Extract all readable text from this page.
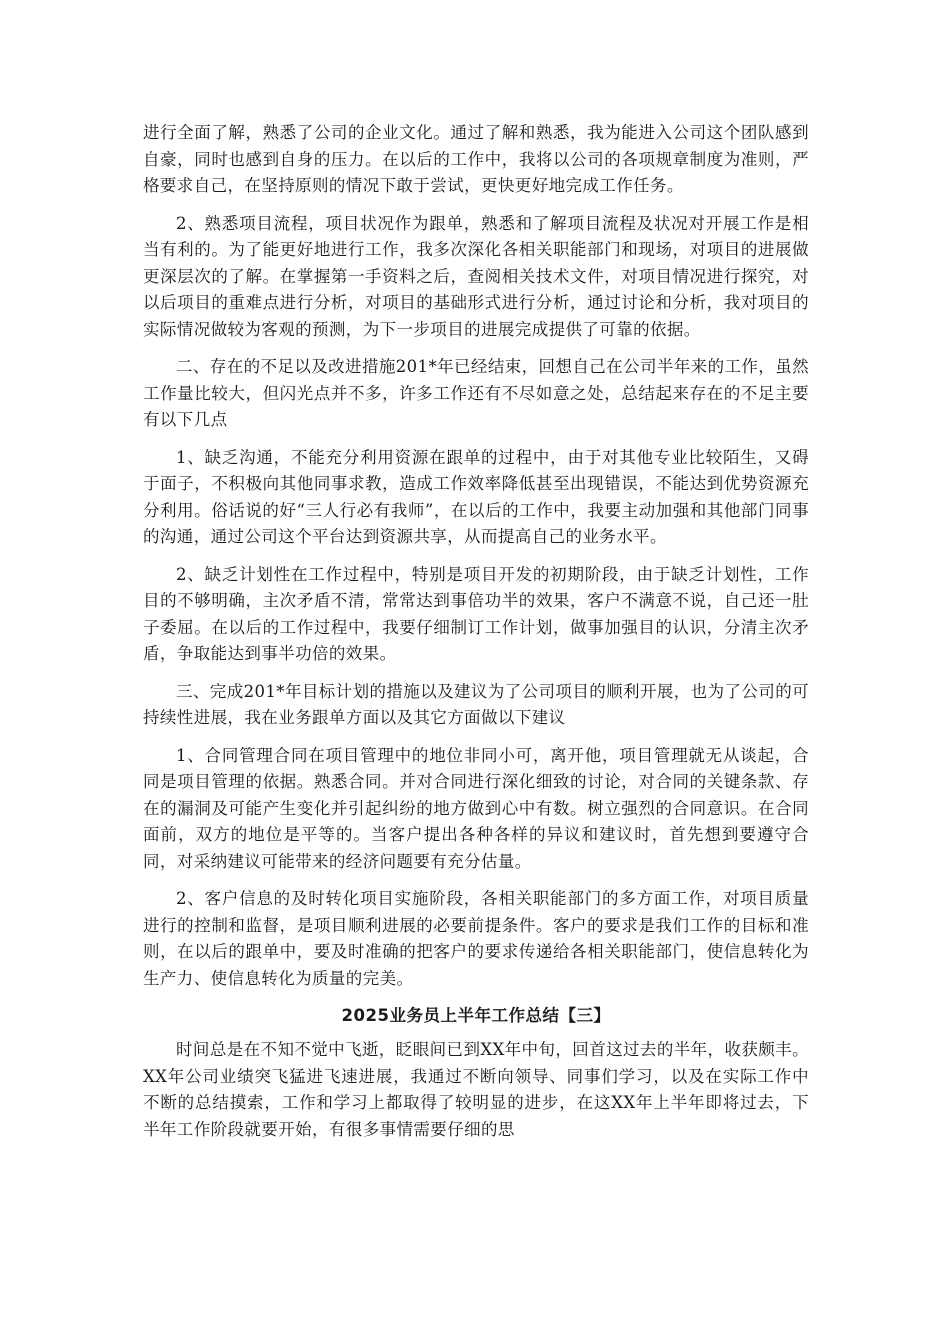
进行全面了解，熟悉了公司的企业文化。通过了解和熟悉，我为能进入公司这个团队感到自豪，同时也感到自身的压力。在以后的工作中，我将以公司的各项规章制度为准则，严格要求自己，在坚持原则的情况下敢于尝试，更快更好地完成工作任务。

2、熟悉项目流程，项目状况作为跟单，熟悉和了解项目流程及状况对开展工作是相当有利的。为了能更好地进行工作，我多次深化各相关职能部门和现场，对项目的进展做更深层次的了解。在掌握第一手资料之后，查阅相关技术文件，对项目情况进行探究，对以后项目的重难点进行分析，对项目的基础形式进行分析，通过讨论和分析，我对项目的实际情况做较为客观的预测，为下一步项目的进展完成提供了可靠的依据。

二、存在的不足以及改进措施201*年已经结束，回想自己在公司半年来的工作，虽然工作量比较大，但闪光点并不多，许多工作还有不尽如意之处，总结起来存在的不足主要有以下几点

1、缺乏沟通，不能充分利用资源在跟单的过程中，由于对其他专业比较陌生，又碍于面子，不积极向其他同事求教，造成工作效率降低甚至出现错误，不能达到优势资源充分利用。俗话说的好“三人行必有我师”，在以后的工作中，我要主动加强和其他部门同事的沟通，通过公司这个平台达到资源共享，从而提高自己的业务水平。

2、缺乏计划性在工作过程中，特别是项目开发的初期阶段，由于缺乏计划性，工作目的不够明确，主次矛盾不清，常常达到事倍功半的效果，客户不满意不说，自己还一肚子委屈。在以后的工作过程中，我要仔细制订工作计划，做事加强目的认识，分清主次矛盾，争取能达到事半功倍的效果。

三、完成201*年目标计划的措施以及建议为了公司项目的顺利开展，也为了公司的可持续性进展，我在业务跟单方面以及其它方面做以下建议

1、合同管理合同在项目管理中的地位非同小可，离开他，项目管理就无从谈起，合同是项目管理的依据。熟悉合同。并对合同进行深化细致的讨论，对合同的关键条款、存在的漏洞及可能产生变化并引起纠纷的地方做到心中有数。树立强烈的合同意识。在合同面前，双方的地位是平等的。当客户提出各种各样的异议和建议时，首先想到要遵守合同，对采纳建议可能带来的经济问题要有充分估量。

2、客户信息的及时转化项目实施阶段，各相关职能部门的多方面工作，对项目质量进行的控制和监督，是项目顺利进展的必要前提条件。客户的要求是我们工作的目标和准则，在以后的跟单中，要及时准确的把客户的要求传递给各相关职能部门，使信息转化为生产力、使信息转化为质量的完美。

2025业务员上半年工作总结【三】

时间总是在不知不觉中飞逝，眨眼间已到XX年中旬，回首这过去的半年，收获颇丰。XX年公司业绩突飞猛进飞速进展，我通过不断向领导、同事们学习，以及在实际工作中不断的总结摸索，工作和学习上都取得了较明显的进步，在这XX年上半年即将过去，下半年工作阶段就要开始，有很多事情需要仔细的思
